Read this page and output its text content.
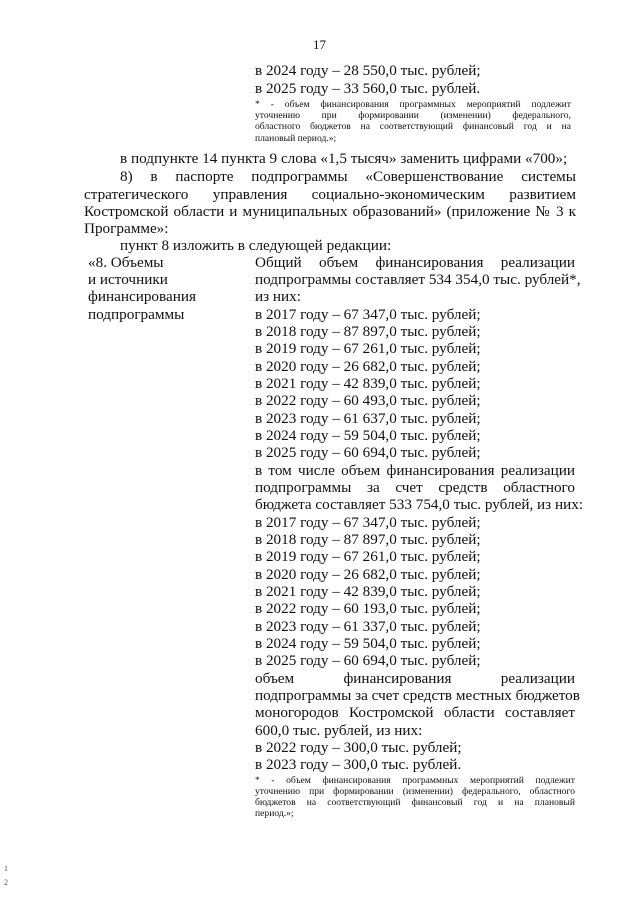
17
в 2024 году – 28 550,0 тыс. рублей;
в 2025 году – 33 560,0 тыс. рублей.
* - объем финансирования программных мероприятий подлежит
уточнению при формировании (изменении) федерального,
областного бюджетов на соответствующий финансовый год и на
плановый период.»;
в подпункте 14 пункта 9 слова «1,5 тысяч» заменить цифрами «700»;
8) в паспорте подпрограммы «Совершенствование системы
стратегического управления социально-экономическим развитием
Костромской области и муниципальных образований» (приложение № 3 к
Программе»:
пункт 8 изложить в следующей редакции:
«8. Объемы
и источники
финансирования
подпрограммы
Общий объем финансирования реализации
подпрограммы составляет 534 354,0 тыс. рублей*,
из них:
в 2017 году – 67 347,0 тыс. рублей;
в 2018 году – 87 897,0 тыс. рублей;
в 2019 году – 67 261,0 тыс. рублей;
в 2020 году – 26 682,0 тыс. рублей;
в 2021 году – 42 839,0 тыс. рублей;
в 2022 году – 60 493,0 тыс. рублей;
в 2023 году – 61 637,0 тыс. рублей;
в 2024 году – 59 504,0 тыс. рублей;
в 2025 году – 60 694,0 тыс. рублей;
в том числе объем финансирования реализации
подпрограммы за счет средств областного
бюджета составляет 533 754,0 тыс. рублей, из них:
в 2017 году – 67 347,0 тыс. рублей;
в 2018 году – 87 897,0 тыс. рублей;
в 2019 году – 67 261,0 тыс. рублей;
в 2020 году – 26 682,0 тыс. рублей;
в 2021 году – 42 839,0 тыс. рублей;
в 2022 году – 60 193,0 тыс. рублей;
в 2023 году – 61 337,0 тыс. рублей;
в 2024 году – 59 504,0 тыс. рублей;
в 2025 году – 60 694,0 тыс. рублей;
объем финансирования реализации
подпрограммы за счет средств местных бюджетов
моногородов Костромской области составляет
600,0 тыс. рублей, из них:
в 2022 году – 300,0 тыс. рублей;
в 2023 году – 300,0 тыс. рублей.
* - объем финансирования программных мероприятий подлежит
уточнению при формировании (изменении) федерального, областного
бюджетов на соответствующий финансовый год и на плановый
период.»;
1
2
